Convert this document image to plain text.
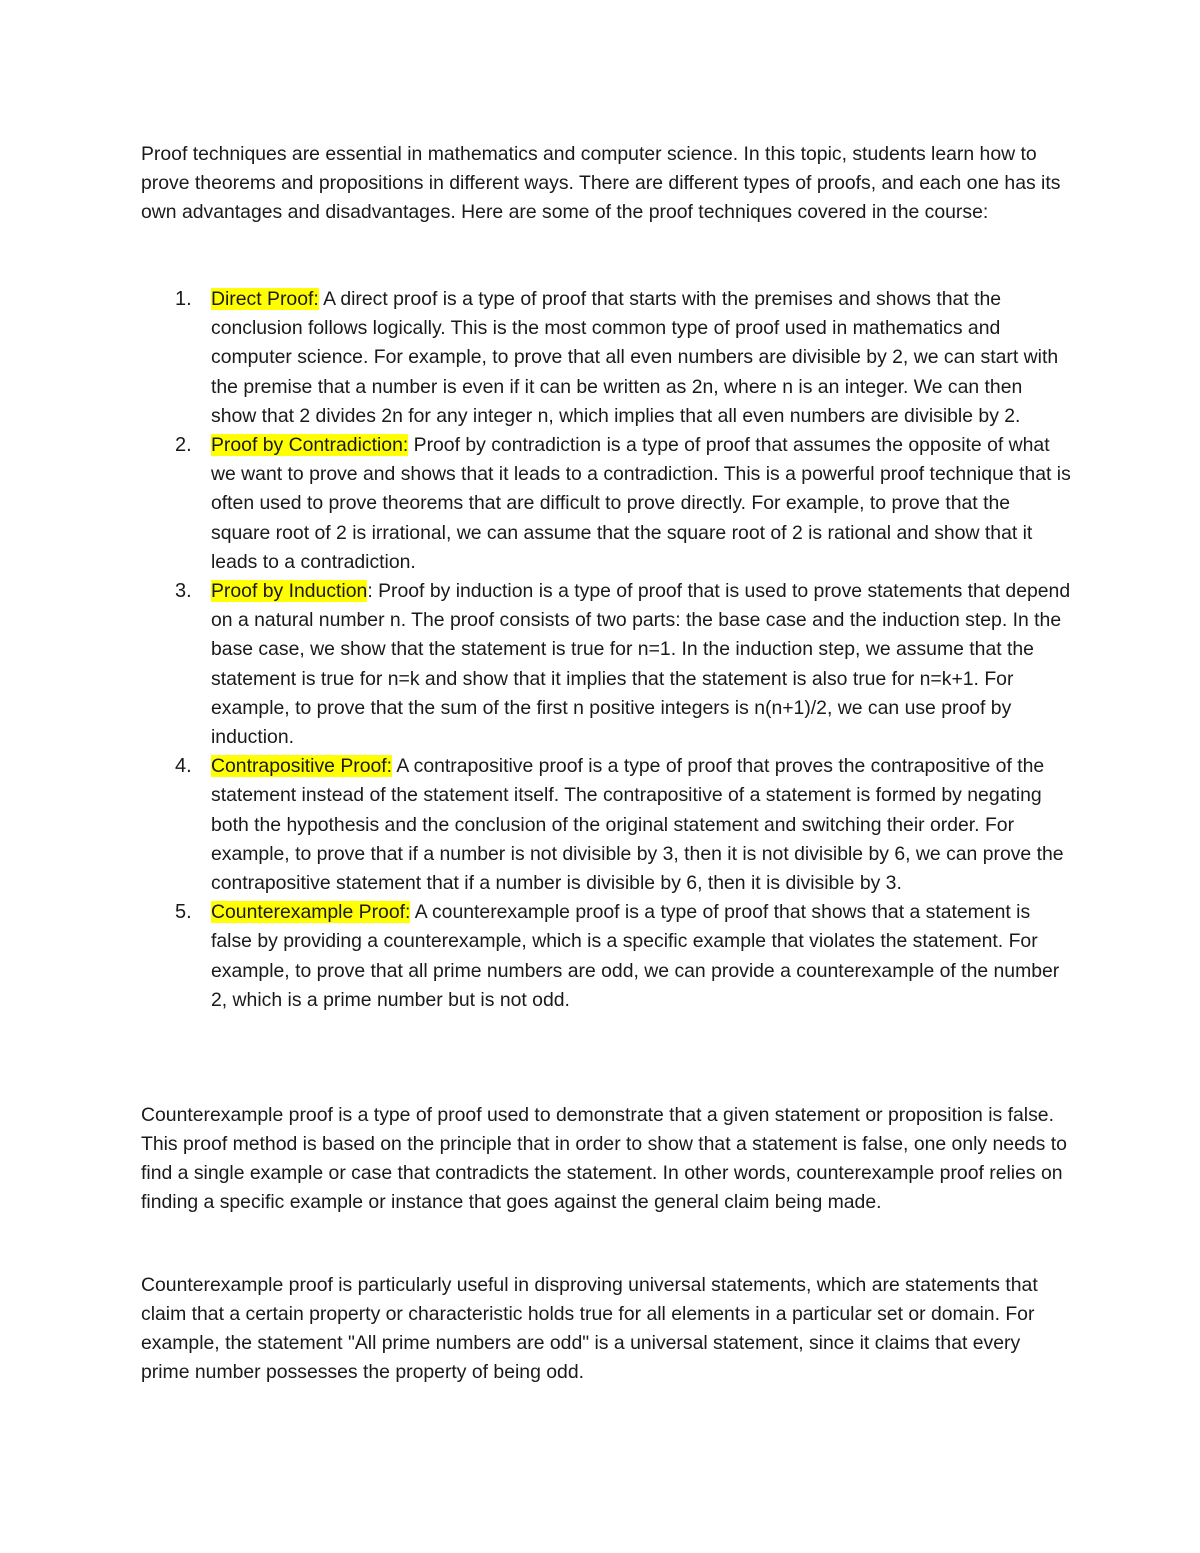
Proof techniques are essential in mathematics and computer science. In this topic, students learn how to prove theorems and propositions in different ways. There are different types of proofs, and each one has its own advantages and disadvantages. Here are some of the proof techniques covered in the course:

1. Direct Proof: A direct proof is a type of proof that starts with the premises and shows that the conclusion follows logically. This is the most common type of proof used in mathematics and computer science. For example, to prove that all even numbers are divisible by 2, we can start with the premise that a number is even if it can be written as 2n, where n is an integer. We can then show that 2 divides 2n for any integer n, which implies that all even numbers are divisible by 2.
2. Proof by Contradiction: Proof by contradiction is a type of proof that assumes the opposite of what we want to prove and shows that it leads to a contradiction. This is a powerful proof technique that is often used to prove theorems that are difficult to prove directly. For example, to prove that the square root of 2 is irrational, we can assume that the square root of 2 is rational and show that it leads to a contradiction.
3. Proof by Induction: Proof by induction is a type of proof that is used to prove statements that depend on a natural number n. The proof consists of two parts: the base case and the induction step. In the base case, we show that the statement is true for n=1. In the induction step, we assume that the statement is true for n=k and show that it implies that the statement is also true for n=k+1. For example, to prove that the sum of the first n positive integers is n(n+1)/2, we can use proof by induction.
4. Contrapositive Proof: A contrapositive proof is a type of proof that proves the contrapositive of the statement instead of the statement itself. The contrapositive of a statement is formed by negating both the hypothesis and the conclusion of the original statement and switching their order. For example, to prove that if a number is not divisible by 3, then it is not divisible by 6, we can prove the contrapositive statement that if a number is divisible by 6, then it is divisible by 3.
5. Counterexample Proof: A counterexample proof is a type of proof that shows that a statement is false by providing a counterexample, which is a specific example that violates the statement. For example, to prove that all prime numbers are odd, we can provide a counterexample of the number 2, which is a prime number but is not odd.

Counterexample proof is a type of proof used to demonstrate that a given statement or proposition is false. This proof method is based on the principle that in order to show that a statement is false, one only needs to find a single example or case that contradicts the statement. In other words, counterexample proof relies on finding a specific example or instance that goes against the general claim being made.

Counterexample proof is particularly useful in disproving universal statements, which are statements that claim that a certain property or characteristic holds true for all elements in a particular set or domain. For example, the statement "All prime numbers are odd" is a universal statement, since it claims that every prime number possesses the property of being odd.
